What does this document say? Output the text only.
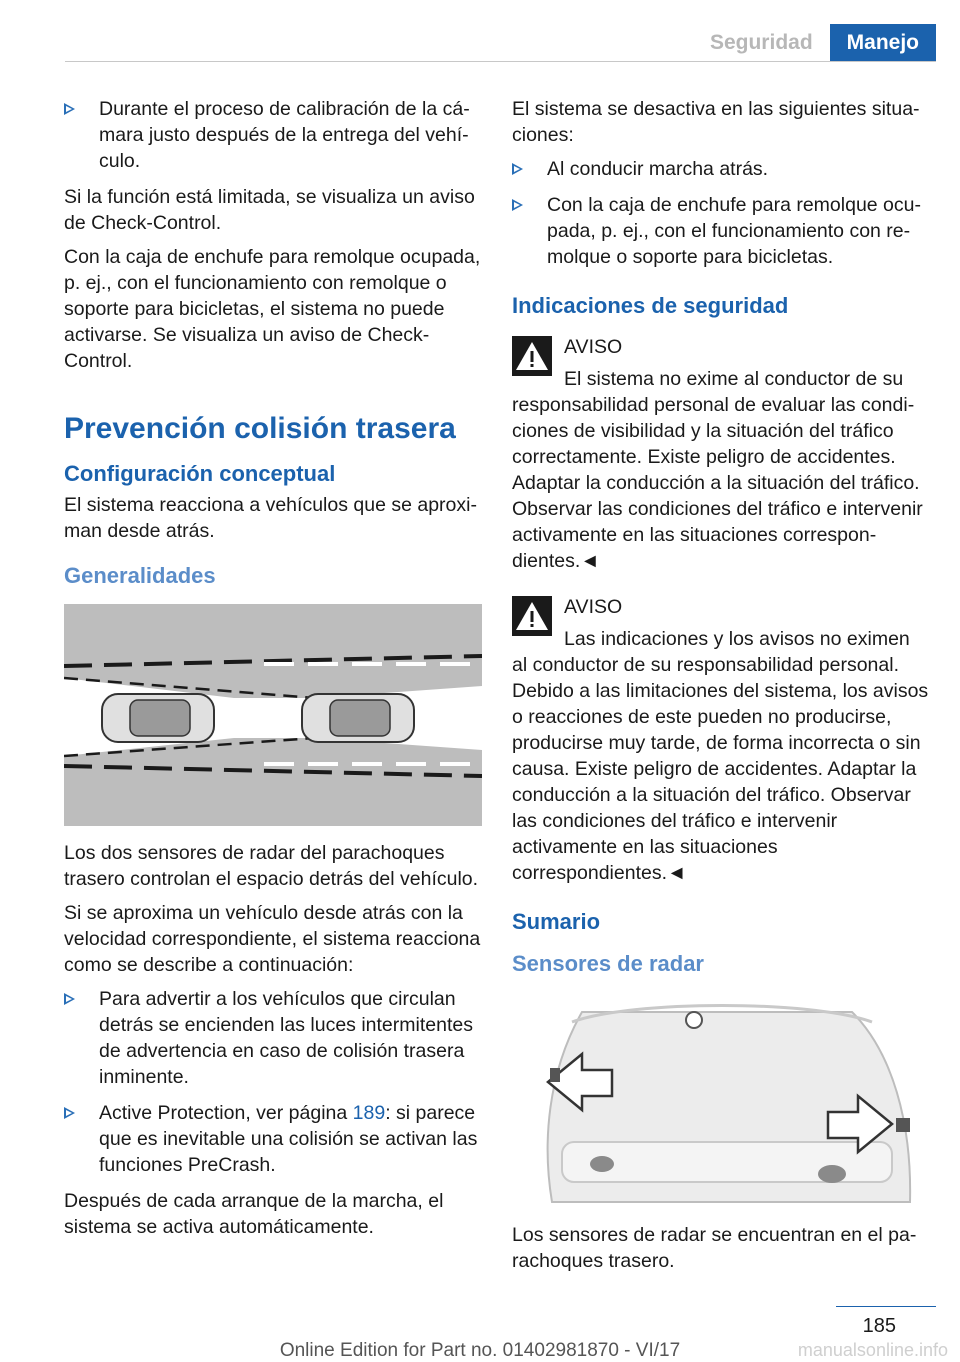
Seguridad	Manejo
Durante el proceso de calibración de la cámara justo después de la entrega del vehículo.

Si la función está limitada, se visualiza un aviso de Check-Control.

Con la caja de enchufe para remolque ocupada, p. ej., con el funcionamiento con remolque o soporte para bicicletas, el sistema no puede activarse. Se visualiza un aviso de Check-Control.

Prevención colisión trasera
Configuración conceptual

El sistema reacciona a vehículos que se aproximan desde atrás.

Generalidades

Los dos sensores de radar del parachoques trasero controlan el espacio detrás del vehículo.

Si se aproxima un vehículo desde atrás con la velocidad correspondiente, el sistema reacciona como se describe a continuación:

Para advertir a los vehículos que circulan detrás se encienden las luces intermitentes de advertencia en caso de colisión trasera inminente.
Active Protection, ver página 189: si parece que es inevitable una colisión se activan las funciones PreCrash.

Después de cada arranque de la marcha, el sistema se activa automáticamente.

El sistema se desactiva en las siguientes situaciones:

Al conducir marcha atrás.
Con la caja de enchufe para remolque ocupada, p. ej., con el funcionamiento con remolque o soporte para bicicletas.
Indicaciones de seguridad
AVISO

El sistema no exime al conductor de su
responsabilidad personal de evaluar las condiciones de visibilidad y la situación del tráfico correctamente. Existe peligro de accidentes. Adaptar la conducción a la situación del tráfico. Observar las condiciones del tráfico e intervenir activamente en las situaciones correspondientes.◄

AVISO

Las indicaciones y los avisos no eximen
al conductor de su responsabilidad personal. Debido a las limitaciones del sistema, los avisos o reacciones de este pueden no producirse, producirse muy tarde, de forma incorrecta o sin causa. Existe peligro de accidentes. Adaptar la conducción a la situación del tráfico. Observar las condiciones del tráfico e intervenir activamente en las situaciones correspondientes.◄

Sumario
Sensores de radar

Los sensores de radar se encuentran en el parachoques trasero.

185
Online Edition for Part no. 01402981870 - VI/17	manualsonline.info
